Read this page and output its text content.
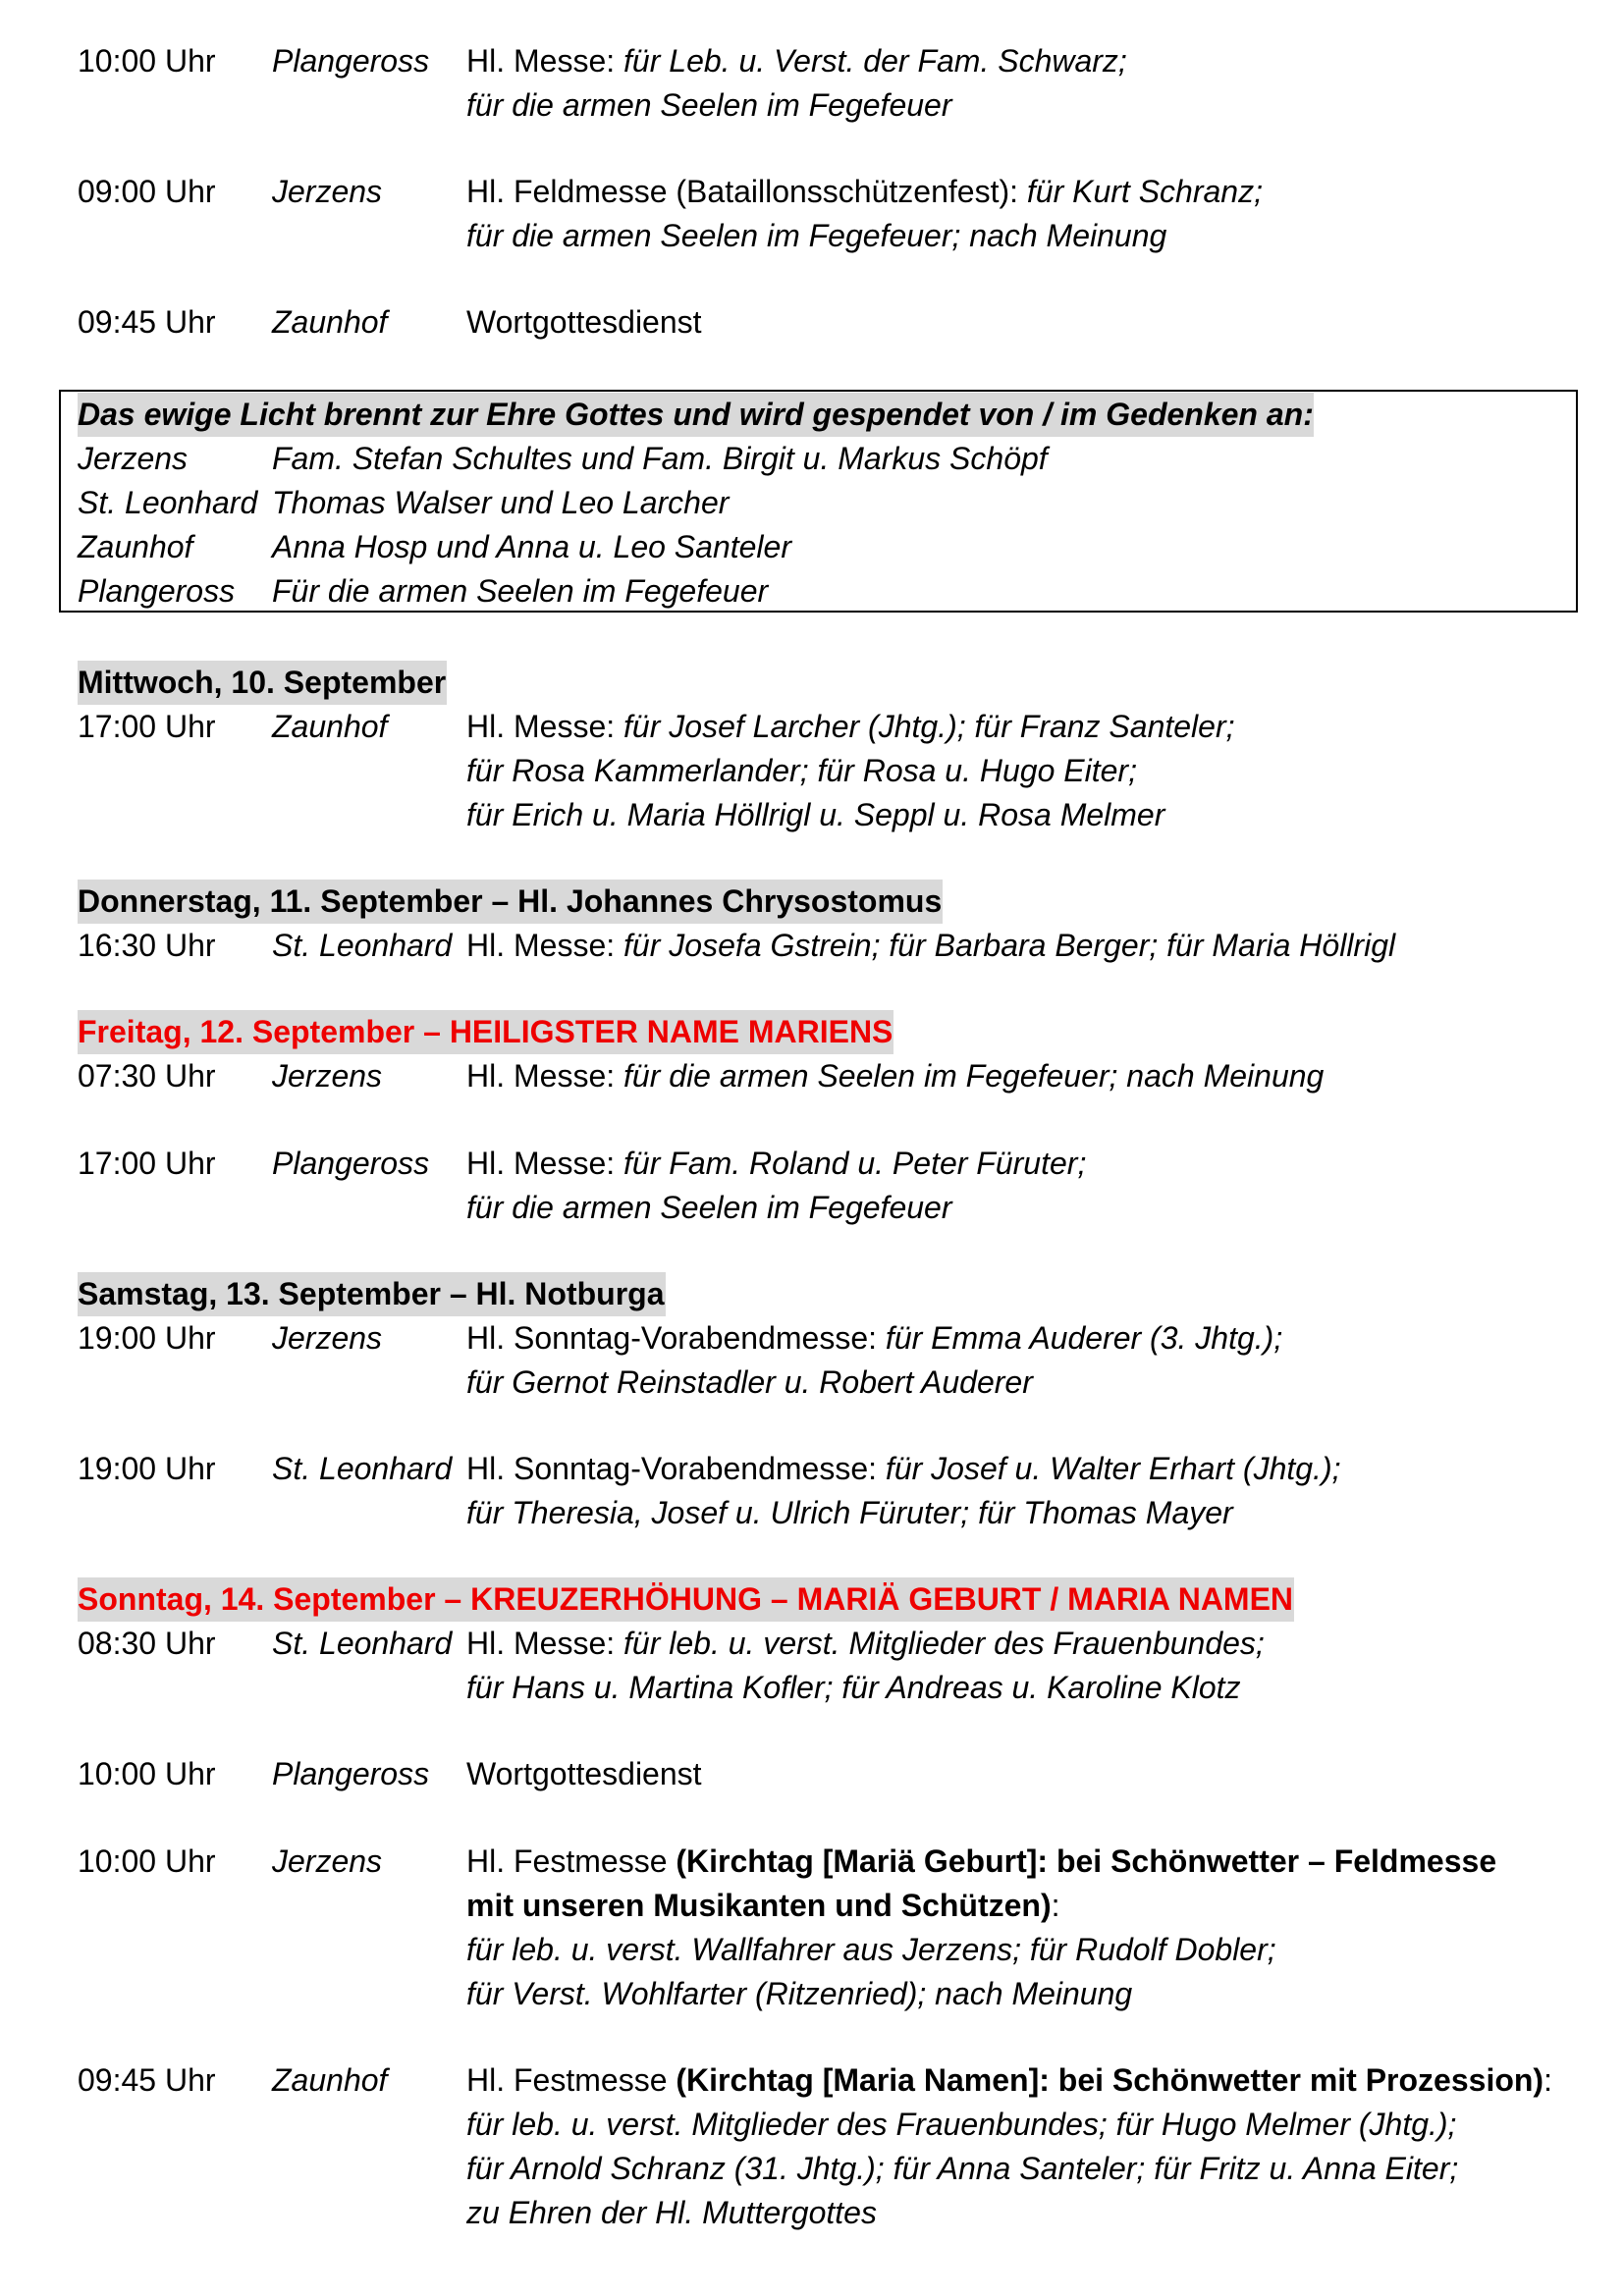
10:00 Uhr Plangeross Hl. Messe: für Leb. u. Verst. der Fam. Schwarz;
für die armen Seelen im Fegefeuer
09:00 Uhr Jerzens	Hl. Feldmesse (Bataillonsschützenfest): für Kurt Schranz;
für die armen Seelen im Fegefeuer; nach Meinung
09:45 Uhr Zaunhof	Wortgottesdienst
Das ewige Licht brennt zur Ehre Gottes und wird gespendet von / im Gedenken an:
Jerzens	Fam. Stefan Schultes und Fam. Birgit u. Markus Schöpf
St. Leonhard Thomas Walser und Leo Larcher
Zaunhof	Anna Hosp und Anna u. Leo Santeler
Plangeross Für die armen Seelen im Fegefeuer
Mittwoch, 10. September
17:00 Uhr Zaunhof	Hl. Messe: für Josef Larcher (Jhtg.); für Franz Santeler;
für Rosa Kammerlander; für Rosa u. Hugo Eiter;
für Erich u. Maria Höllrigl u. Seppl u. Rosa Melmer
Donnerstag, 11. September – Hl. Johannes Chrysostomus
16:30 Uhr St. Leonhard Hl. Messe: für Josefa Gstrein; für Barbara Berger; für Maria Höllrigl
Freitag, 12. September – HEILIGSTER NAME MARIENS
07:30 Uhr Jerzens	Hl. Messe: für die armen Seelen im Fegefeuer; nach Meinung
17:00 Uhr Plangeross Hl. Messe: für Fam. Roland u. Peter Füruter;
für die armen Seelen im Fegefeuer
Samstag, 13. September – Hl. Notburga
19:00 Uhr Jerzens	Hl. Sonntag-Vorabendmesse: für Emma Auderer (3. Jhtg.);
für Gernot Reinstadler u. Robert Auderer
19:00 Uhr St. Leonhard Hl. Sonntag-Vorabendmesse: für Josef u. Walter Erhart (Jhtg.);
für Theresia, Josef u. Ulrich Füruter; für Thomas Mayer
Sonntag, 14. September – KREUZERHÖHUNG – MARIÄ GEBURT / MARIA NAMEN
08:30 Uhr St. Leonhard Hl. Messe: für leb. u. verst. Mitglieder des Frauenbundes;
für Hans u. Martina Kofler; für Andreas u. Karoline Klotz
10:00 Uhr Plangeross Wortgottesdienst
10:00 Uhr Jerzens	Hl. Festmesse (Kirchtag [Mariä Geburt]: bei Schönwetter – Feldmesse
mit unseren Musikanten und Schützen):
für leb. u. verst. Wallfahrer aus Jerzens; für Rudolf Dobler;
für Verst. Wohlfarter (Ritzenried); nach Meinung
09:45 Uhr Zaunhof	Hl. Festmesse (Kirchtag [Maria Namen]: bei Schönwetter mit Prozession):
für leb. u. verst. Mitglieder des Frauenbundes; für Hugo Melmer (Jhtg.);
für Arnold Schranz (31. Jhtg.); für Anna Santeler; für Fritz u. Anna Eiter;
zu Ehren der Hl. Muttergottes
